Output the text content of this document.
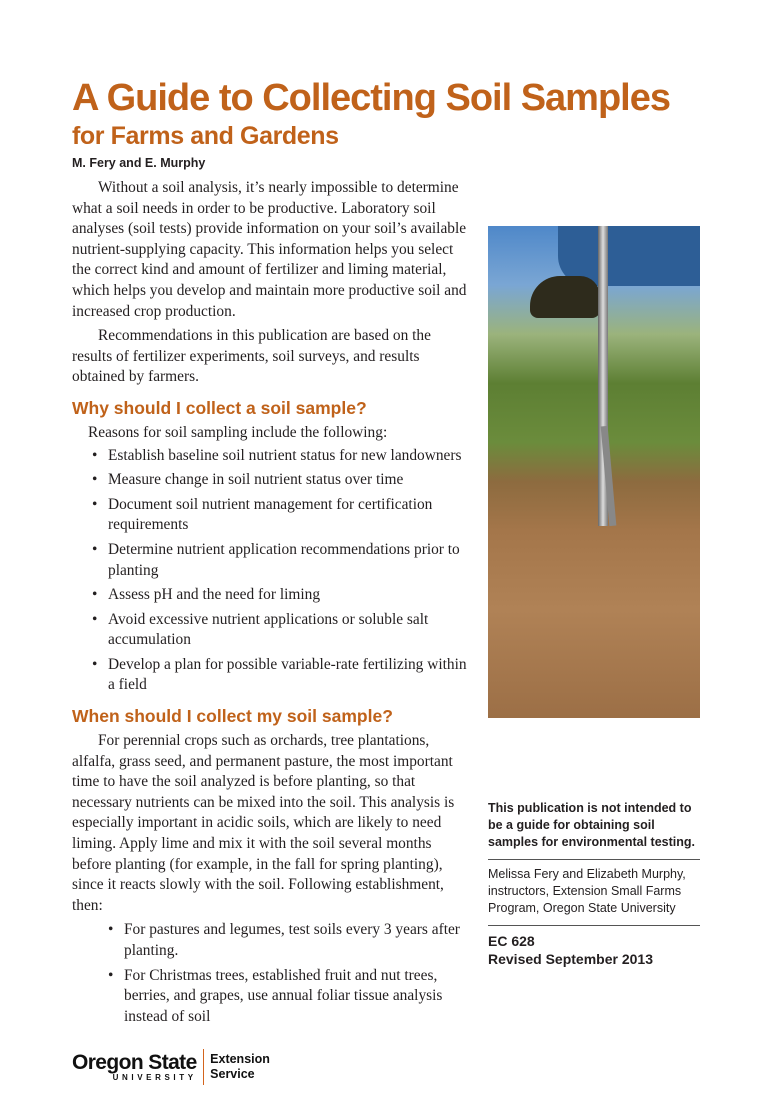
A Guide to Collecting Soil Samples
for Farms and Gardens
M. Fery and E. Murphy

Without a soil analysis, it’s nearly impossible to determine what a soil needs in order to be productive. Laboratory soil analyses (soil tests) provide information on your soil’s available nutrient-supplying capacity. This information helps you select the correct kind and amount of fertilizer and liming material, which helps you develop and maintain more productive soil and increased crop production.

Recommendations in this publication are based on the results of fertilizer experiments, soil surveys, and results obtained by farmers.

Why should I collect a soil sample?

Reasons for soil sampling include the following:

• Establish baseline soil nutrient status for new landowners
• Measure change in soil nutrient status over time
• Document soil nutrient management for certification requirements
• Determine nutrient application recommendations prior to planting
• Assess pH and the need for liming
• Avoid excessive nutrient applications or soluble salt accumulation
• Develop a plan for possible variable-rate fertilizing within a field
When should I collect my soil sample?

For perennial crops such as orchards, tree plantations, alfalfa, grass seed, and permanent pasture, the most important time to have the soil analyzed is before planting, so that necessary nutrients can be mixed into the soil. This analysis is especially important in acidic soils, which are likely to need liming. Apply lime and mix it with the soil several months before planting (for example, in the fall for spring planting), since it reacts slowly with the soil. Following establishment, then:

• For pastures and legumes, test soils every 3 years after planting.
• For Christmas trees, established fruit and nut trees, berries, and grapes, use annual foliar tissue analysis instead of soil
Oregon State
UNIVERSITY
Extension
Service
This publication is not intended to be a guide for obtaining soil samples for environmental testing.
Melissa Fery and Elizabeth Murphy, instructors, Extension Small Farms Program, Oregon State University
EC 628
Revised September 2013
